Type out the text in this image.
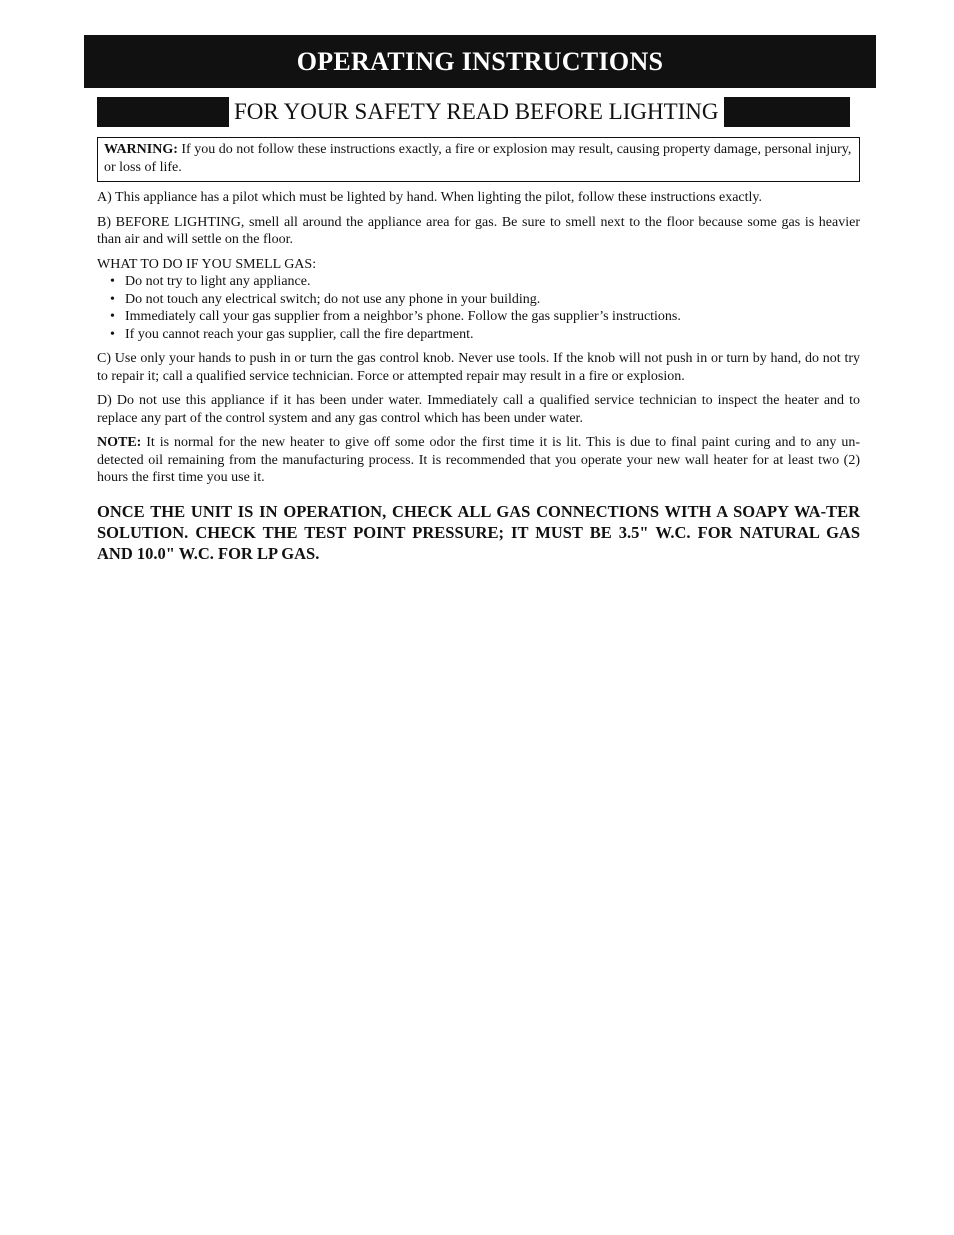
OPERATING INSTRUCTIONS
FOR YOUR SAFETY READ BEFORE LIGHTING
WARNING: If you do not follow these instructions exactly, a fire or explosion may result, causing property damage, personal injury, or loss of life.

A) This appliance has a pilot which must be lighted by hand. When lighting the pilot, follow these instructions exactly.

B) BEFORE LIGHTING, smell all around the appliance area for gas. Be sure to smell next to the floor because some gas is heavier than air and will settle on the floor.

WHAT TO DO IF YOU SMELL GAS:

• Do not try to light any appliance.
• Do not touch any electrical switch; do not use any phone in your building.
• Immediately call your gas supplier from a neighbor’s phone. Follow the gas supplier’s instructions.
• If you cannot reach your gas supplier, call the fire department.

C) Use only your hands to push in or turn the gas control knob. Never use tools. If the knob will not push in or turn by hand, do not try to repair it; call a qualified service technician. Force or attempted repair may result in a fire or explosion.

D) Do not use this appliance if it has been under water. Immediately call a qualified service technician to inspect the heater and to replace any part of the control system and any gas control which has been under water.

NOTE: It is normal for the new heater to give off some odor the first time it is lit. This is due to final paint curing and to any un-detected oil remaining from the manufacturing process. It is recommended that you operate your new wall heater for at least two (2) hours the first time you use it.

ONCE THE UNIT IS IN OPERATION, CHECK ALL GAS CONNECTIONS WITH A SOAPY WA-TER SOLUTION. CHECK THE TEST POINT PRESSURE; IT MUST BE 3.5" W.C. FOR NATURAL GAS AND 10.0" W.C. FOR LP GAS.
